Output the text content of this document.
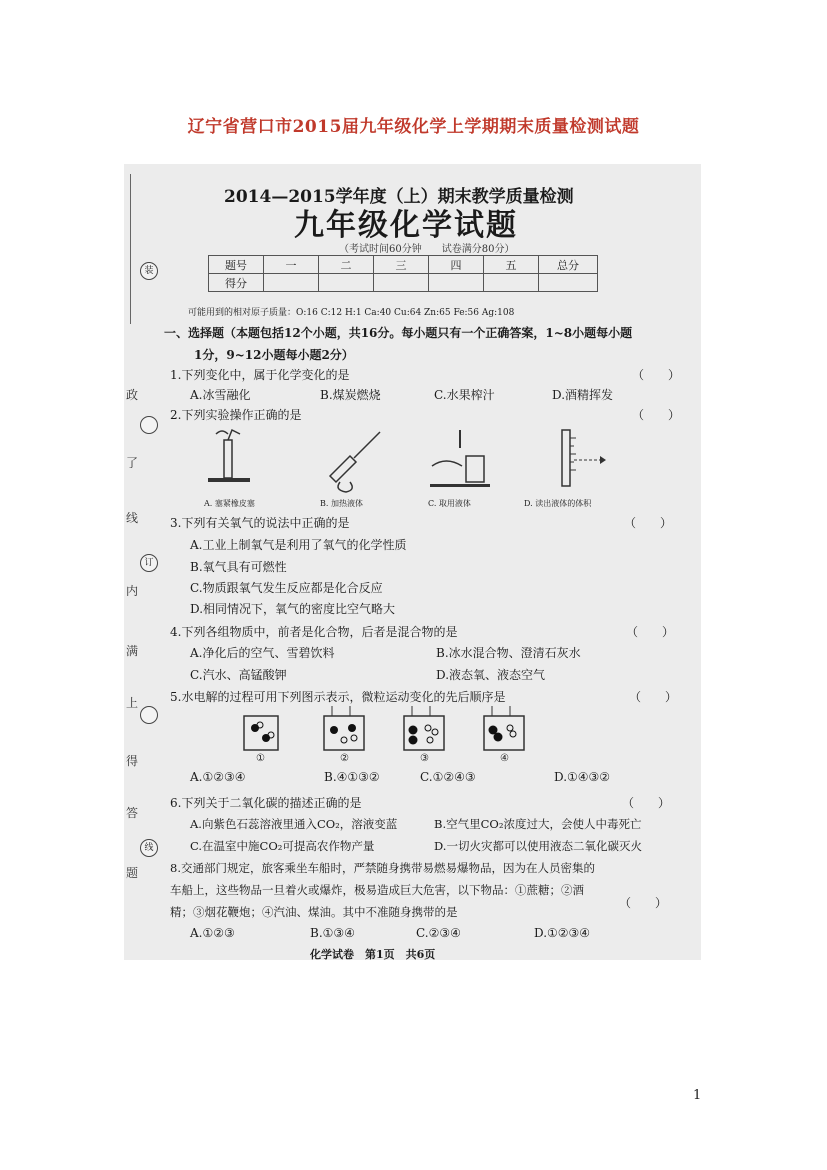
辽宁省营口市2015届九年级化学上学期期末质量检测试题
装
订
线
政
了
线
内
满
上
得
答
题
2014—2015学年度（上）期末教学质量检测
九年级化学试题
（考试时间60分钟　　试卷满分80分）
题号	一	二	三	四	五	总分
得分						
可能用到的相对原子质量：O:16 C:12 H:1 Ca:40 Cu:64 Zn:65 Fe:56 Ag:108
一、选择题（本题包括12个小题，共16分。每小题只有一个正确答案，1~8小题每小题
1分，9~12小题每小题2分）
1.下列变化中，属于化学变化的是	（　　）
A.冰雪融化	B.煤炭燃烧	C.水果榨汁	D.酒精挥发
2.下列实验操作正确的是	（　　）
A. 塞紧橡皮塞	B. 加热液体	C. 取用液体	D. 读出液体的体积
3.下列有关氧气的说法中正确的是	（　　）
A.工业上制氧气是利用了氧气的化学性质
B.氧气具有可燃性
C.物质跟氧气发生反应都是化合反应
D.相同情况下，氧气的密度比空气略大
4.下列各组物质中，前者是化合物，后者是混合物的是	（　　）
A.净化后的空气、雪碧饮料	B.冰水混合物、澄清石灰水
C.汽水、高锰酸钾	D.液态氧、液态空气
5.水电解的过程可用下列图示表示，微粒运动变化的先后顺序是	（　　）
①	②	③	④
A.①②③④	B.④①③②	C.①②④③	D.①④③②
6.下列关于二氧化碳的描述正确的是	（　　）
A.向紫色石蕊溶液里通入CO₂，溶液变蓝	B.空气里CO₂浓度过大，会使人中毒死亡
C.在温室中施CO₂可提高农作物产量	D.一切火灾都可以使用液态二氧化碳灭火
8.交通部门规定，旅客乘坐车船时，严禁随身携带易燃易爆物品，因为在人员密集的
车船上，这些物品一旦着火或爆炸，极易造成巨大危害，以下物品：①蔗糖；②酒
精；③烟花鞭炮；④汽油、煤油。其中不准随身携带的是
（　　）
A.①②③	B.①③④	C.②③④	D.①②③④
化学试卷　第1页　共6页
1
